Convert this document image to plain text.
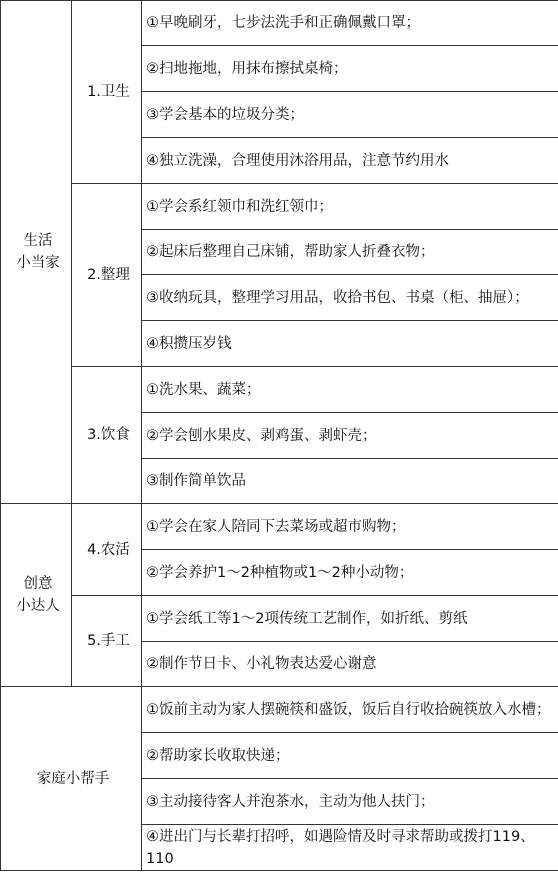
生活
小当家	1.卫生	①早晚刷牙，七步法洗手和正确佩戴口罩；

		②扫地拖地，用抹布擦拭桌椅；

		③学会基本的垃圾分类；

		④独立洗澡，合理使用沐浴用品，注意节约用水

	2.整理	①学会系红领巾和洗红领巾；

		②起床后整理自己床铺，帮助家人折叠衣物；

		③收纳玩具，整理学习用品，收拾书包、书桌（柜、抽屉）；

		④积攒压岁钱

	3.饮食	①洗水果、蔬菜；

		②学会刨水果皮、剥鸡蛋、剥虾壳；

		③制作简单饮品

创意
小达人	4.农活	①学会在家人陪同下去菜场或超市购物；

		②学会养护1～2种植物或1～2种小动物；

	5.手工	①学会纸工等1～2项传统工艺制作，如折纸、剪纸

		②制作节日卡、小礼物表达爱心谢意

家庭小帮手		①饭前主动为家人摆碗筷和盛饭，饭后自行收拾碗筷放入水槽；

		②帮助家长收取快递；

		③主动接待客人并泡茶水，主动为他人扶门；

		④进出门与长辈打招呼，如遇险情及时寻求帮助或拨打119、110
